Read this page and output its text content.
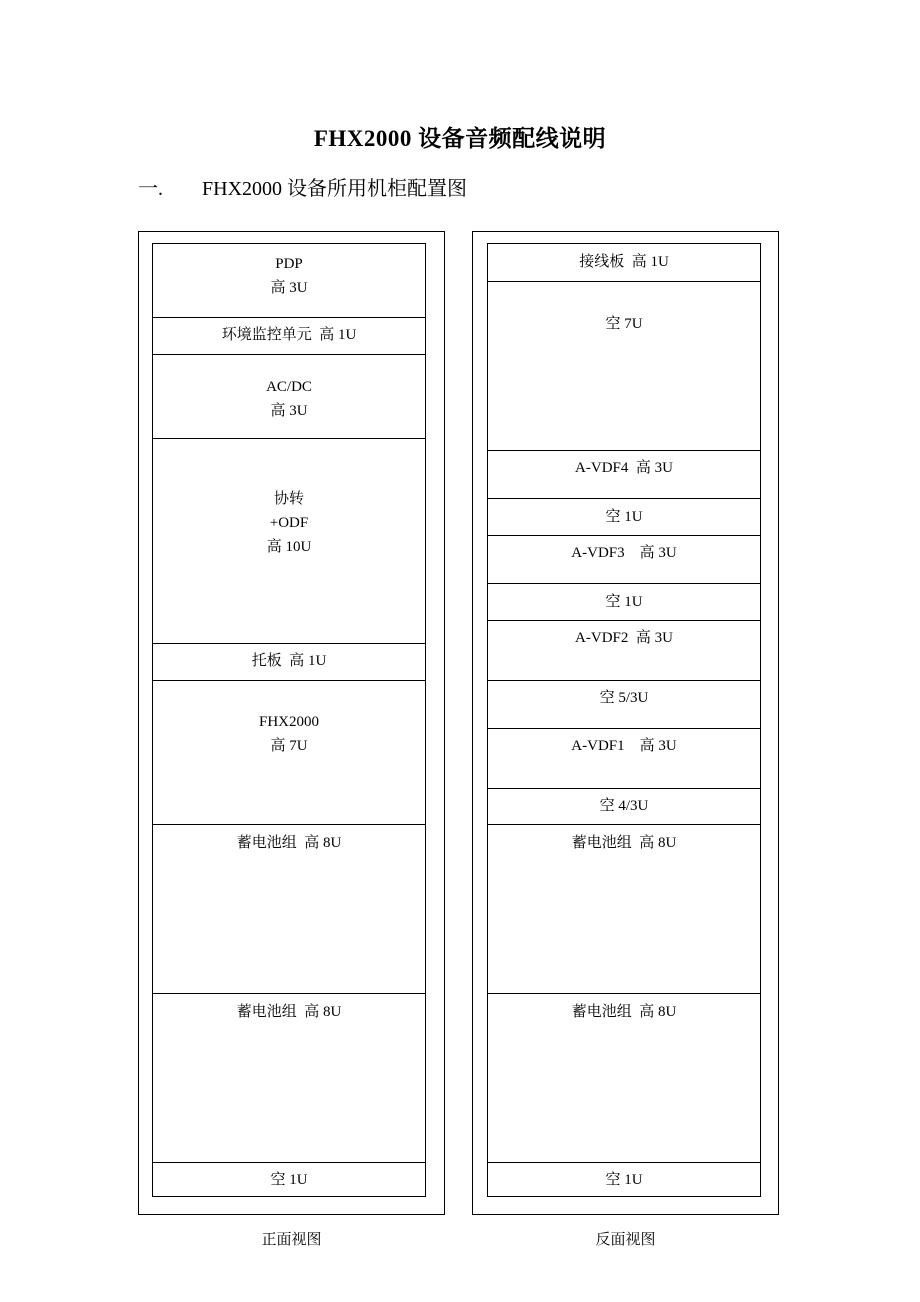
FHX2000 设备音频配线说明
一. FHX2000 设备所用机柜配置图
PDP
高 3U
环境监控单元  高 1U
AC/DC
高 3U
协转
+ODF
高 10U
托板  高 1U
FHX2000
高 7U
蓄电池组  高 8U
蓄电池组  高 8U
空 1U
正面视图
接线板  高 1U
空 7U
A-VDF4  高 3U
空 1U
A-VDF3    高 3U
空 1U
A-VDF2  高 3U
空 5/3U
A-VDF1    高 3U
空 4/3U
蓄电池组  高 8U
蓄电池组  高 8U
空 1U
反面视图
